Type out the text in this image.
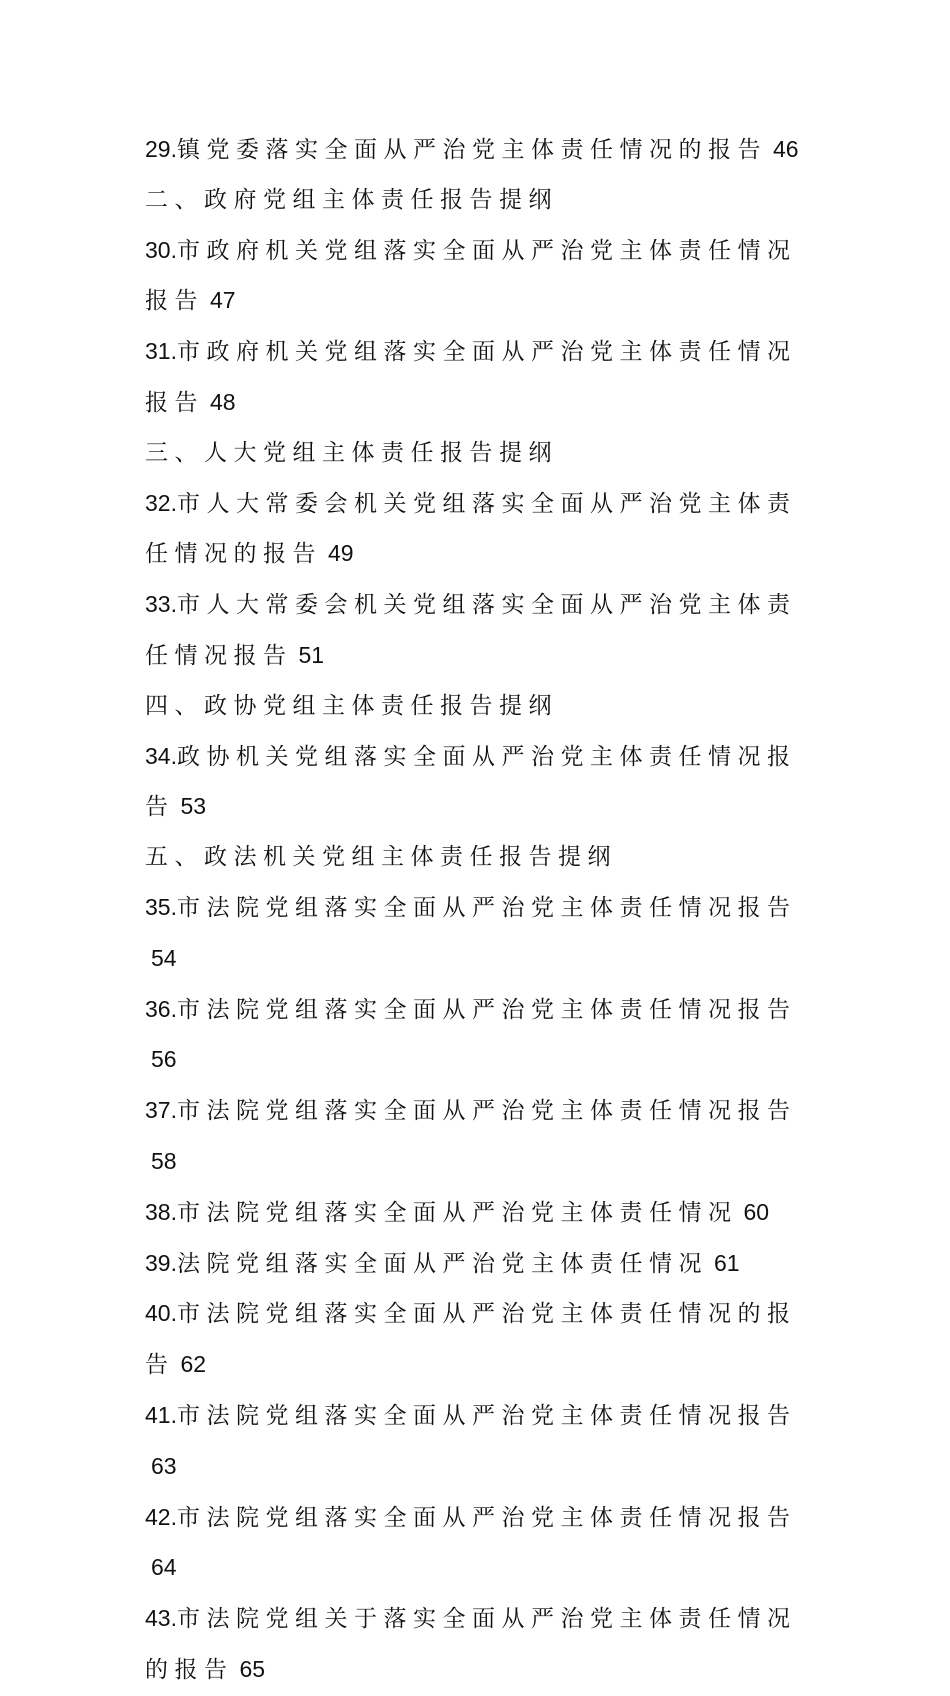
29.镇党委落实全面从严治党主体责任情况的报告 46
二、政府党组主体责任报告提纲
30.市政府机关党组落实全面从严治党主体责任情况报告 47
31.市政府机关党组落实全面从严治党主体责任情况报告 48
三、人大党组主体责任报告提纲
32.市人大常委会机关党组落实全面从严治党主体责任情况的报告 49
33.市人大常委会机关党组落实全面从严治党主体责任情况报告 51
四、政协党组主体责任报告提纲
34.政协机关党组落实全面从严治党主体责任情况报告 53
五、政法机关党组主体责任报告提纲
35.市法院党组落实全面从严治党主体责任情况报告54
36.市法院党组落实全面从严治党主体责任情况报告56
37.市法院党组落实全面从严治党主体责任情况报告58
38.市法院党组落实全面从严治党主体责任情况 60
39.法院党组落实全面从严治党主体责任情况 61
40.市法院党组落实全面从严治党主体责任情况的报告 62
41.市法院党组落实全面从严治党主体责任情况报告63
42.市法院党组落实全面从严治党主体责任情况报告64
43.市法院党组关于落实全面从严治党主体责任情况的报告 65
